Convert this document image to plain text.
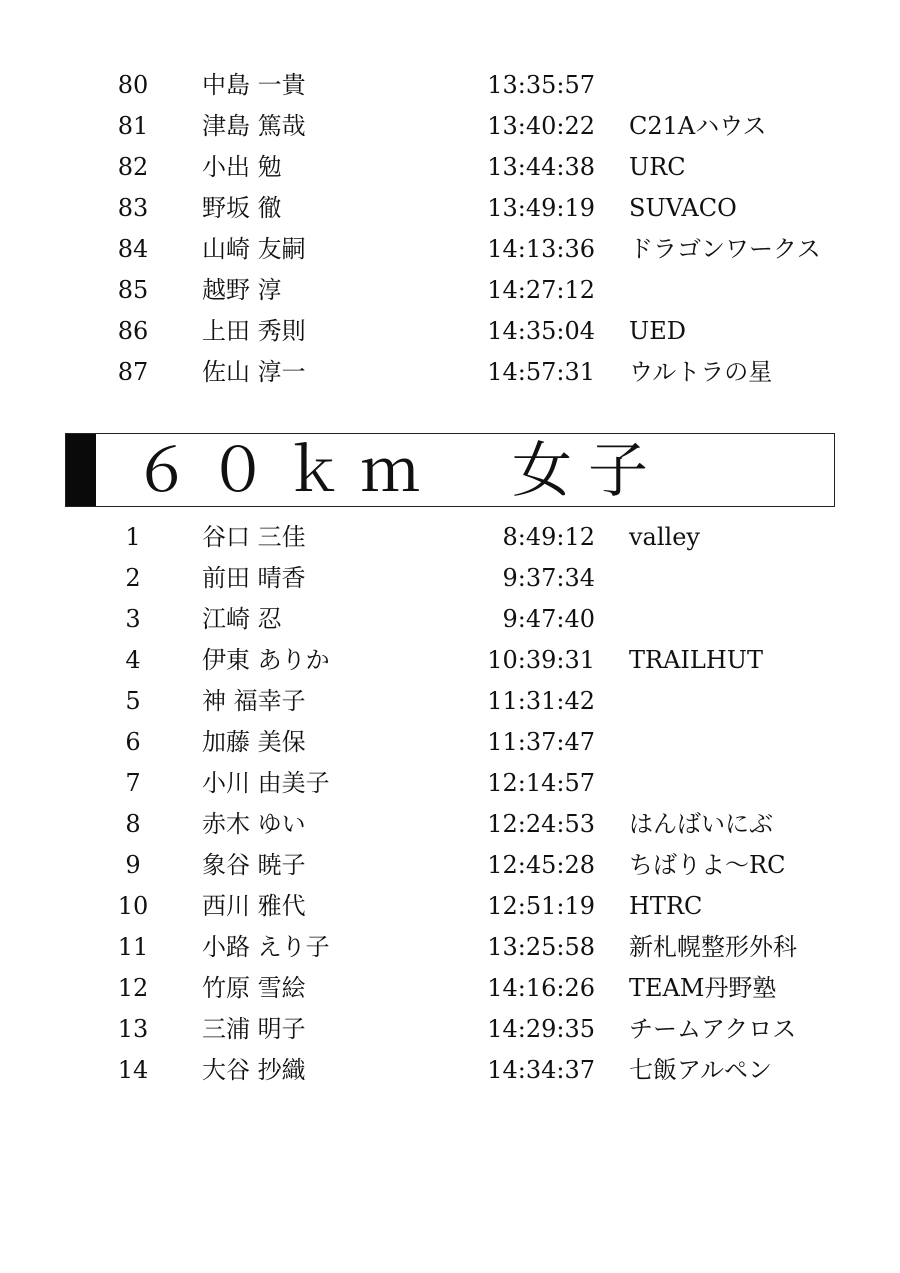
80	中島 一貴	13:35:57
81	津島 篤哉	13:40:22 C21Aハウス
82	小出 勉	13:44:38 URC
83	野坂 徹	13:49:19 SUVACO
84	山崎 友嗣	14:13:36 ドラゴンワークス
85	越野 淳	14:27:12
86	上田 秀則	14:35:04 UED
87	佐山 淳一	14:57:31 ウルトラの星
６０ｋｍ　女子
1	谷口 三佳	8:49:12 valley
2	前田 晴香	9:37:34
3	江崎 忍	9:47:40
4	伊東 ありか	10:39:31 TRAILHUT
5	神 福幸子	11:31:42
6	加藤 美保	11:37:47
7	小川 由美子	12:14:57
8	赤木 ゆい	12:24:53 はんばいにぶ
9	象谷 暁子	12:45:28 ちばりよ～RC
10	西川 雅代	12:51:19 HTRC
11	小路 えり子	13:25:58 新札幌整形外科
12	竹原 雪絵	14:16:26 TEAM丹野塾
13	三浦 明子	14:29:35 チームアクロス
14	大谷 抄織	14:34:37 七飯アルペン
